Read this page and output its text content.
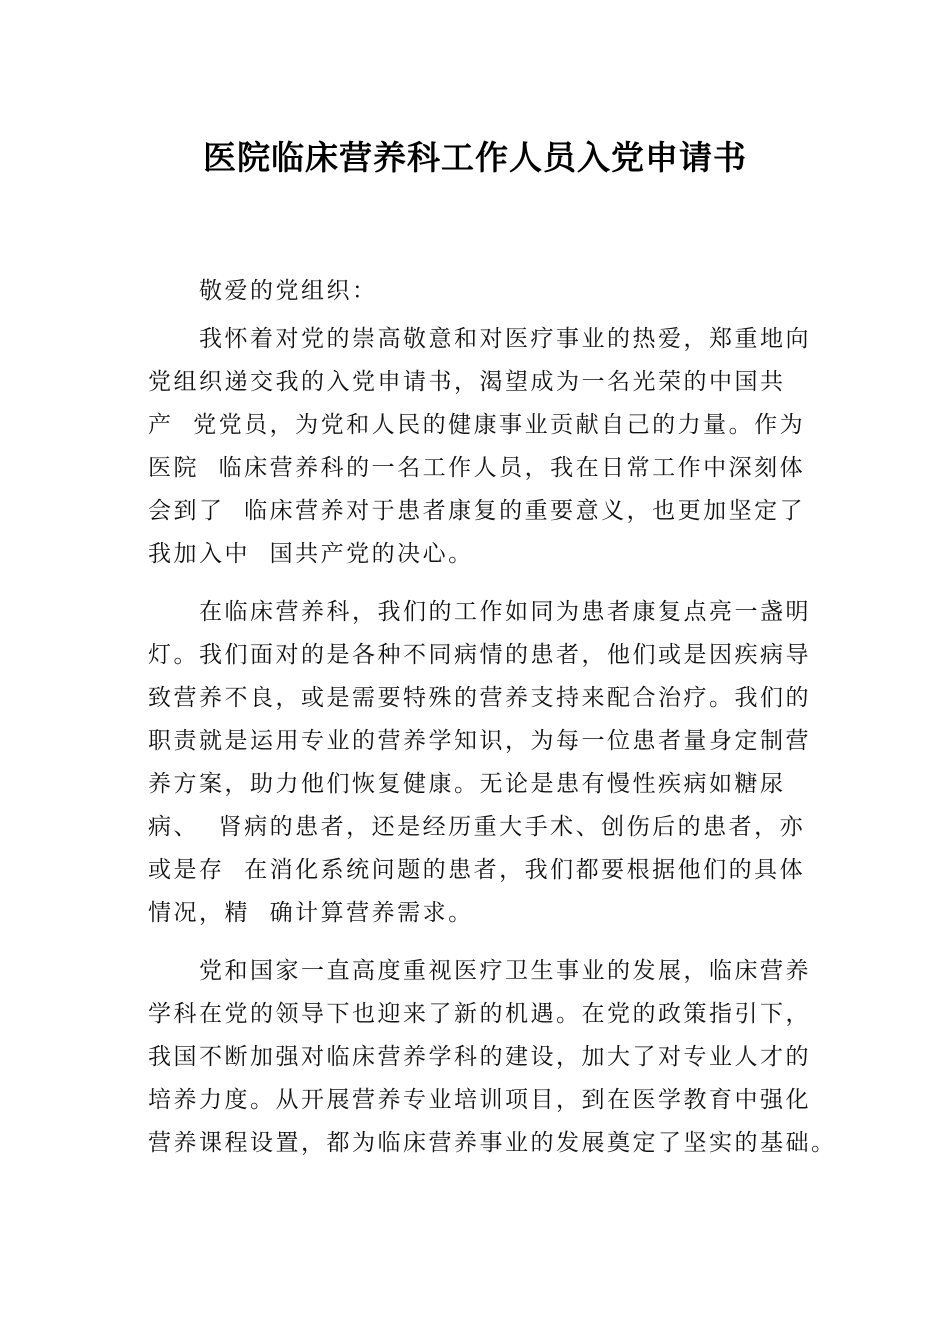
医院临床营养科工作人员入党申请书
敬爱的党组织：
我怀着对党的崇高敬意和对医疗事业的热爱，郑重地向
党组织递交我的入党申请书，渴望成为一名光荣的中国共
产  党党员，为党和人民的健康事业贡献自己的力量。作为
医院  临床营养科的一名工作人员，我在日常工作中深刻体
会到了  临床营养对于患者康复的重要意义，也更加坚定了
我加入中  国共产党的决心。
在临床营养科，我们的工作如同为患者康复点亮一盏明
灯。我们面对的是各种不同病情的患者，他们或是因疾病导
致营养不良，或是需要特殊的营养支持来配合治疗。我们的
职责就是运用专业的营养学知识，为每一位患者量身定制营
养方案，助力他们恢复健康。无论是患有慢性疾病如糖尿
病、  肾病的患者，还是经历重大手术、创伤后的患者，亦
或是存  在消化系统问题的患者，我们都要根据他们的具体
情况，精  确计算营养需求。
党和国家一直高度重视医疗卫生事业的发展，临床营养
学科在党的领导下也迎来了新的机遇。在党的政策指引下，
我国不断加强对临床营养学科的建设，加大了对专业人才的
培养力度。从开展营养专业培训项目，到在医学教育中强化
营养课程设置，都为临床营养事业的发展奠定了坚实的基础。
